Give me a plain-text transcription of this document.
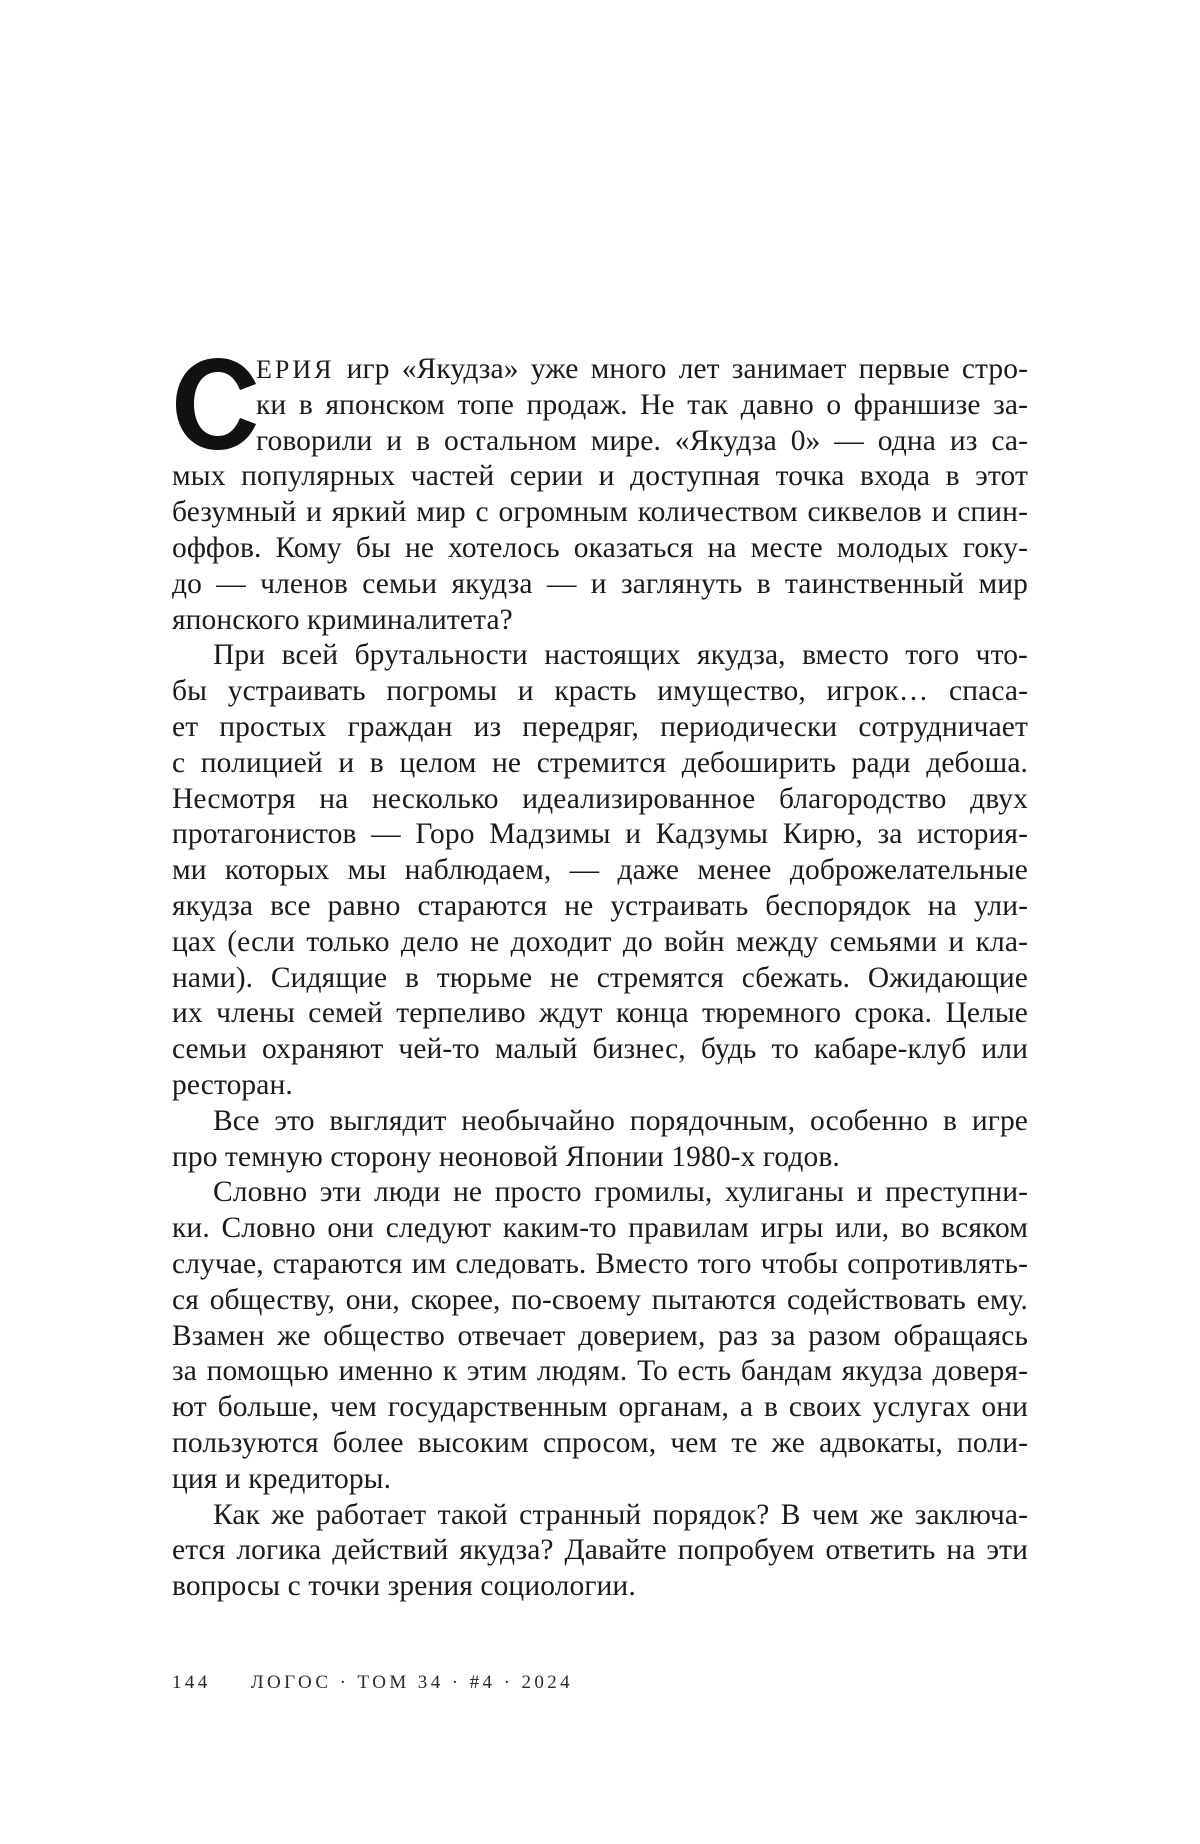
ЕРИЯ игр «Якудза» уже много лет занимает первые стро-
ки в японском топе продаж. Не так давно о франшизе за-
говорили и в остальном мире. «Якудза 0» — одна из са-
мых популярных частей серии и доступная точка входа в этот
безумный и яркий мир с огромным количеством сиквелов и спин-
оффов. Кому бы не хотелось оказаться на месте молодых гоку-
до — членов семьи якудза — и заглянуть в таинственный мир
японского криминалитета?
При всей брутальности настоящих якудза, вместо того что-
бы устраивать погромы и красть имущество, игрок… спаса-
ет простых граждан из передряг, периодически сотрудничает
с полицией и в целом не стремится дебоширить ради дебоша.
Несмотря на несколько идеализированное благородство двух
протагонистов — Горо Мадзимы и Кадзумы Кирю, за история-
ми которых мы наблюдаем, — даже менее доброжелательные
якудза все равно стараются не устраивать беспорядок на ули-
цах (если только дело не доходит до войн между семьями и кла-
нами). Сидящие в тюрьме не стремятся сбежать. Ожидающие
их члены семей терпеливо ждут конца тюремного срока. Целые
семьи охраняют чей-то малый бизнес, будь то кабаре-клуб или
ресторан.
Все это выглядит необычайно порядочным, особенно в игре
про темную сторону неоновой Японии 1980-х годов.
Словно эти люди не просто громилы, хулиганы и преступни-
ки. Словно они следуют каким-то правилам игры или, во всяком
случае, стараются им следовать. Вместо того чтобы сопротивлять-
ся обществу, они, скорее, по-своему пытаются содействовать ему.
Взамен же общество отвечает доверием, раз за разом обращаясь
за помощью именно к этим людям. То есть бандам якудза доверя-
ют больше, чем государственным органам, а в своих услугах они
пользуются более высоким спросом, чем те же адвокаты, поли-
ция и кредиторы.
Как же работает такой странный порядок? В чем же заключа-
ется логика действий якудза? Давайте попробуем ответить на эти
вопросы с точки зрения социологии.
144 ЛОГОС · ТОМ 34 · #4 · 2024
